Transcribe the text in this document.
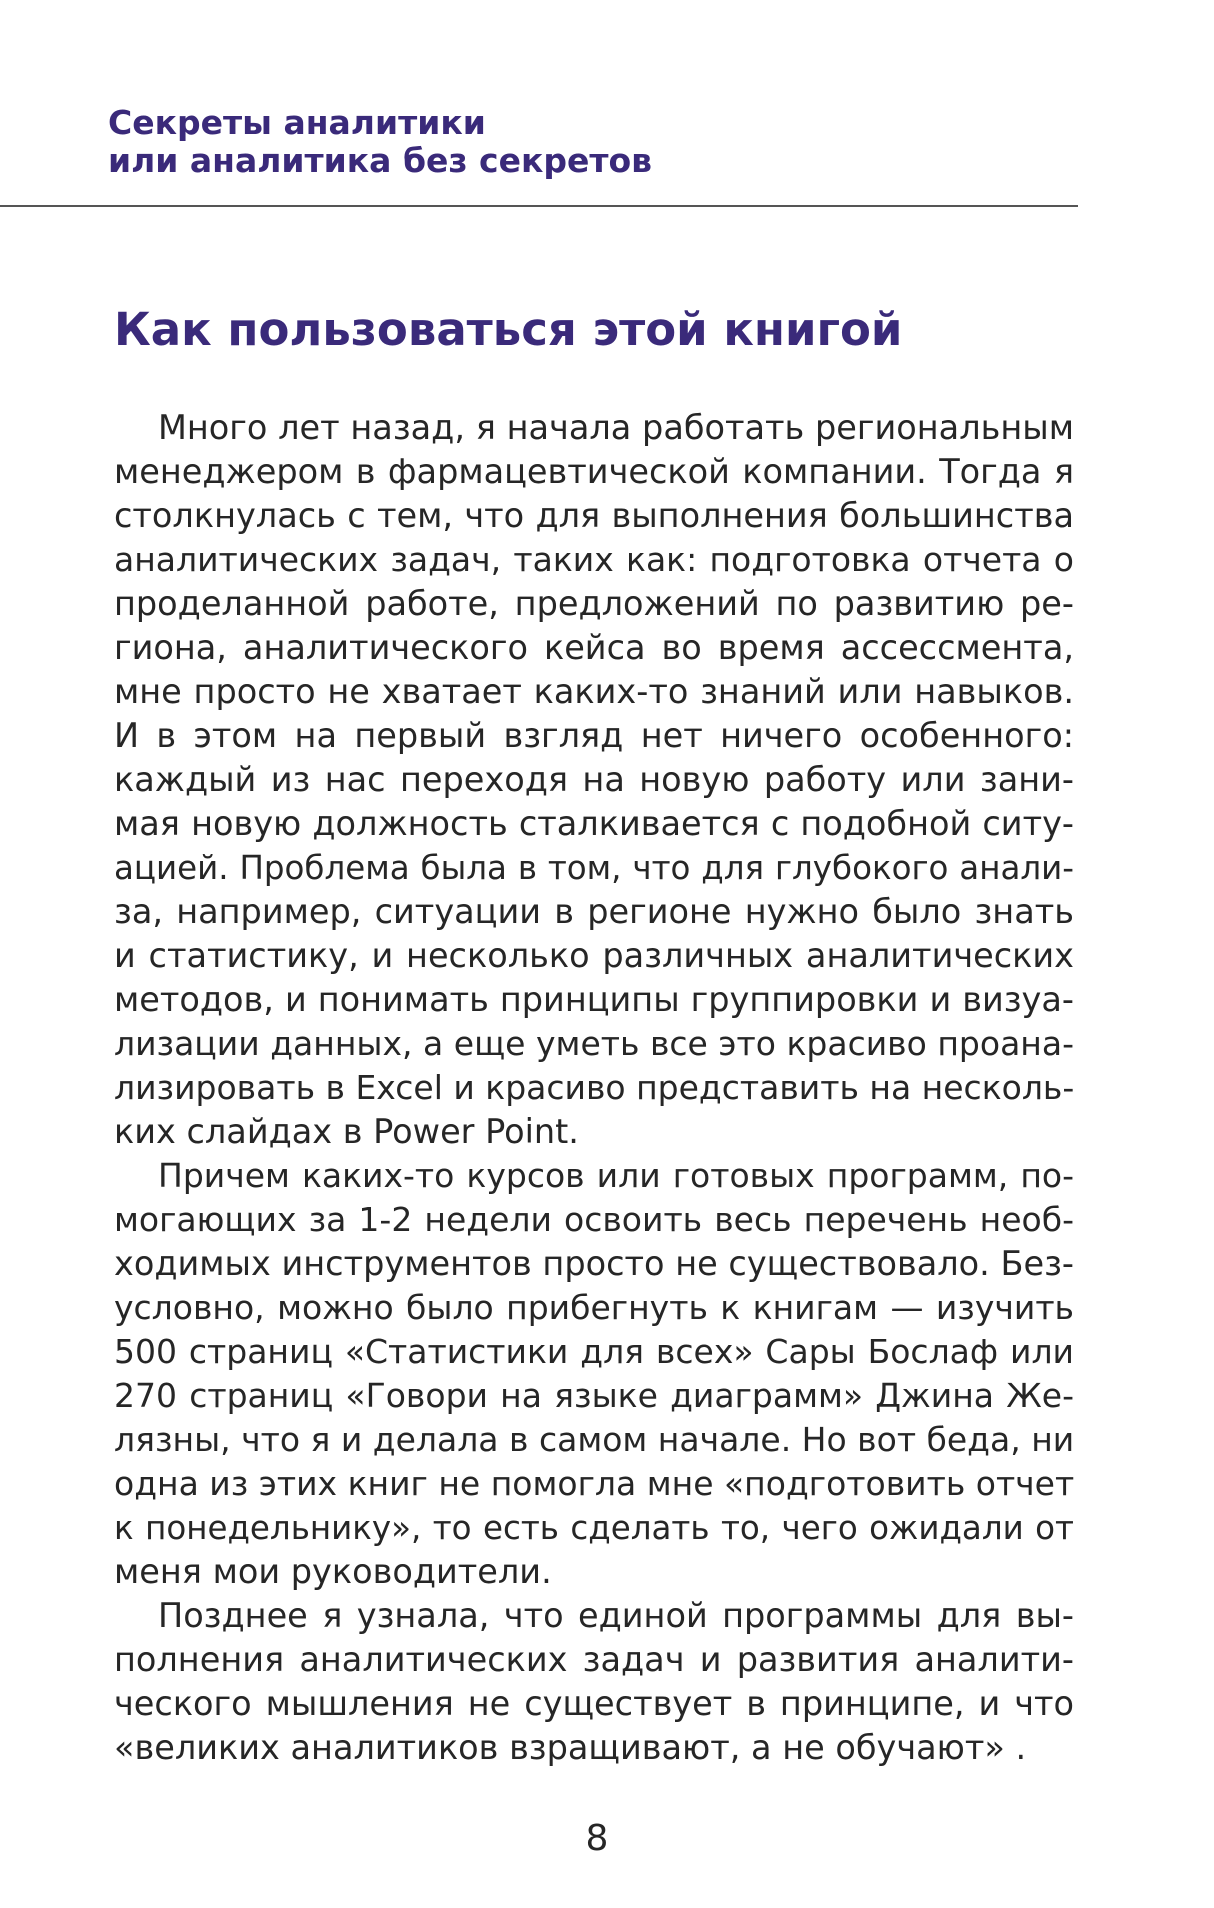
Секреты аналитики
или аналитика без секретов
Как пользоваться этой книгой
Много лет назад, я начала работать региональным
менеджером в фармацевтической компании. Тогда я
столкнулась с тем, что для выполнения большинства
аналитических задач, таких как: подготовка отчета о
проделанной работе, предложений по развитию ре-
гиона, аналитического кейса во время ассессмента,
мне просто не хватает каких-то знаний или навыков.
И в этом на первый взгляд нет ничего особенного:
каждый из нас переходя на новую работу или зани-
мая новую должность сталкивается с подобной ситу-
ацией. Проблема была в том, что для глубокого анали-
за, например, ситуации в регионе нужно было знать
и статистику, и несколько различных аналитических
методов, и понимать принципы группировки и визуа-
лизации данных, а еще уметь все это красиво проана-
лизировать в Excel и красиво представить на несколь-
ких слайдах в Power Point.
Причем каких-то курсов или готовых программ, по-
могающих за 1-2 недели освоить весь перечень необ-
ходимых инструментов просто не существовало. Без-
условно, можно было прибегнуть к книгам — изучить
500 страниц «Статистики для всех» Сары Бослаф или
270 страниц «Говори на языке диаграмм» Джина Же-
лязны, что я и делала в самом начале. Но вот беда, ни
одна из этих книг не помогла мне «подготовить отчет
к понедельнику», то есть сделать то, чего ожидали от
меня мои руководители.
Позднее я узнала, что единой программы для вы-
полнения аналитических задач и развития аналити-
ческого мышления не существует в принципе, и что
«великих аналитиков взращивают, а не обучают» .
8
